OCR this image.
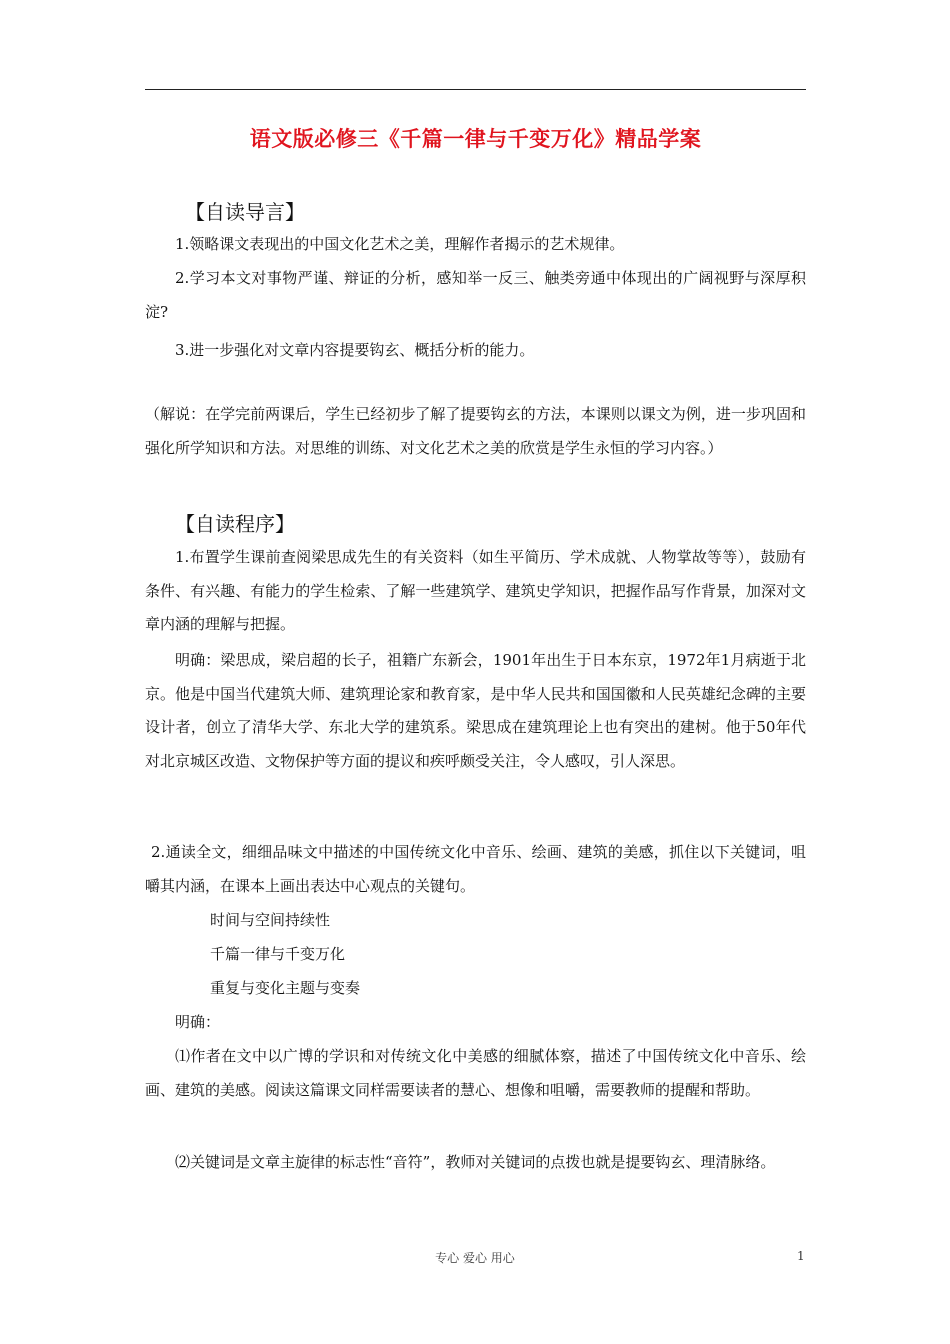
语文版必修三《千篇一律与千变万化》精品学案
【自读导言】
1.领略课文表现出的中国文化艺术之美，理解作者揭示的艺术规律。
2.学习本文对事物严谨、辩证的分析，感知举一反三、触类旁通中体现出的广阔视野与深厚积淀?
3.进一步强化对文章内容提要钩玄、概括分析的能力。
（解说：在学完前两课后，学生已经初步了解了提要钩玄的方法，本课则以课文为例，进一步巩固和强化所学知识和方法。对思维的训练、对文化艺术之美的欣赏是学生永恒的学习内容。）
【自读程序】
1.布置学生课前查阅梁思成先生的有关资料（如生平简历、学术成就、人物掌故等等），鼓励有条件、有兴趣、有能力的学生检索、了解一些建筑学、建筑史学知识，把握作品写作背景，加深对文章内涵的理解与把握。
明确：梁思成，梁启超的长子，祖籍广东新会，1901年出生于日本东京，1972年1月病逝于北京。他是中国当代建筑大师、建筑理论家和教育家，是中华人民共和国国徽和人民英雄纪念碑的主要设计者，创立了清华大学、东北大学的建筑系。梁思成在建筑理论上也有突出的建树。他于50年代对北京城区改造、文物保护等方面的提议和疾呼颇受关注，令人感叹，引人深思。
2.通读全文，细细品味文中描述的中国传统文化中音乐、绘画、建筑的美感，抓住以下关键词，咀嚼其内涵，在课本上画出表达中心观点的关键句。
时间与空间持续性
千篇一律与千变万化
重复与变化主题与变奏
明确：
⑴作者在文中以广博的学识和对传统文化中美感的细腻体察，描述了中国传统文化中音乐、绘画、建筑的美感。阅读这篇课文同样需要读者的慧心、想像和咀嚼，需要教师的提醒和帮助。
⑵关键词是文章主旋律的标志性“音符”，教师对关键词的点拨也就是提要钩玄、理清脉络。
专心 爱心 用心	1
